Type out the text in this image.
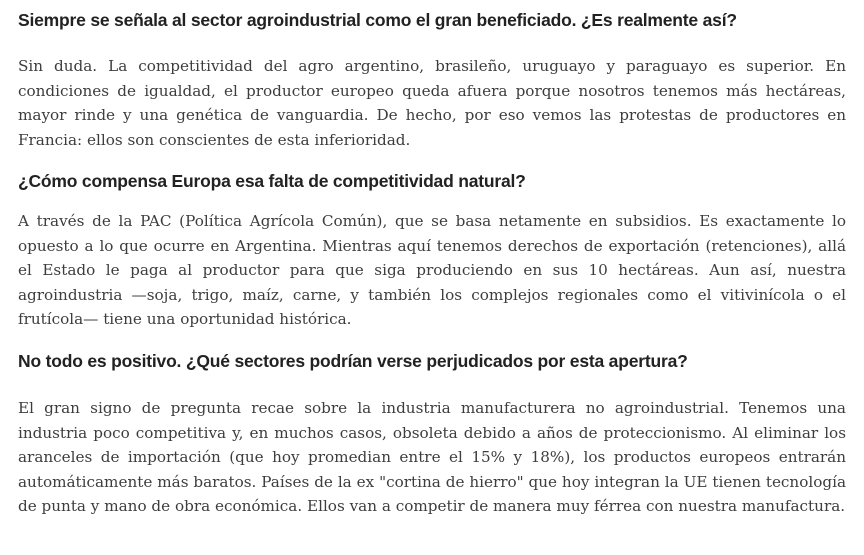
Siempre se señala al sector agroindustrial como el gran beneficiado. ¿Es realmente así?

Sin duda. La competitividad del agro argentino, brasileño, uruguayo y paraguayo es superior. En condiciones de igualdad, el productor europeo queda afuera porque nosotros tenemos más hectáreas, mayor rinde y una genética de vanguardia. De hecho, por eso vemos las protestas de productores en Francia: ellos son conscientes de esta inferioridad.

¿Cómo compensa Europa esa falta de competitividad natural?

A través de la PAC (Política Agrícola Común), que se basa netamente en subsidios. Es exactamente lo opuesto a lo que ocurre en Argentina. Mientras aquí tenemos derechos de exportación (retenciones), allá el Estado le paga al productor para que siga produciendo en sus 10 hectáreas. Aun así, nuestra agroindustria —soja, trigo, maíz, carne, y también los complejos regionales como el vitivinícola o el frutícola— tiene una oportunidad histórica.

No todo es positivo. ¿Qué sectores podrían verse perjudicados por esta apertura?

El gran signo de pregunta recae sobre la industria manufacturera no agroindustrial. Tenemos una industria poco competitiva y, en muchos casos, obsoleta debido a años de proteccionismo. Al eliminar los aranceles de importación (que hoy promedian entre el 15% y 18%), los productos europeos entrarán automáticamente más baratos. Países de la ex "cortina de hierro" que hoy integran la UE tienen tecnología de punta y mano de obra económica. Ellos van a competir de manera muy férrea con nuestra manufactura.
